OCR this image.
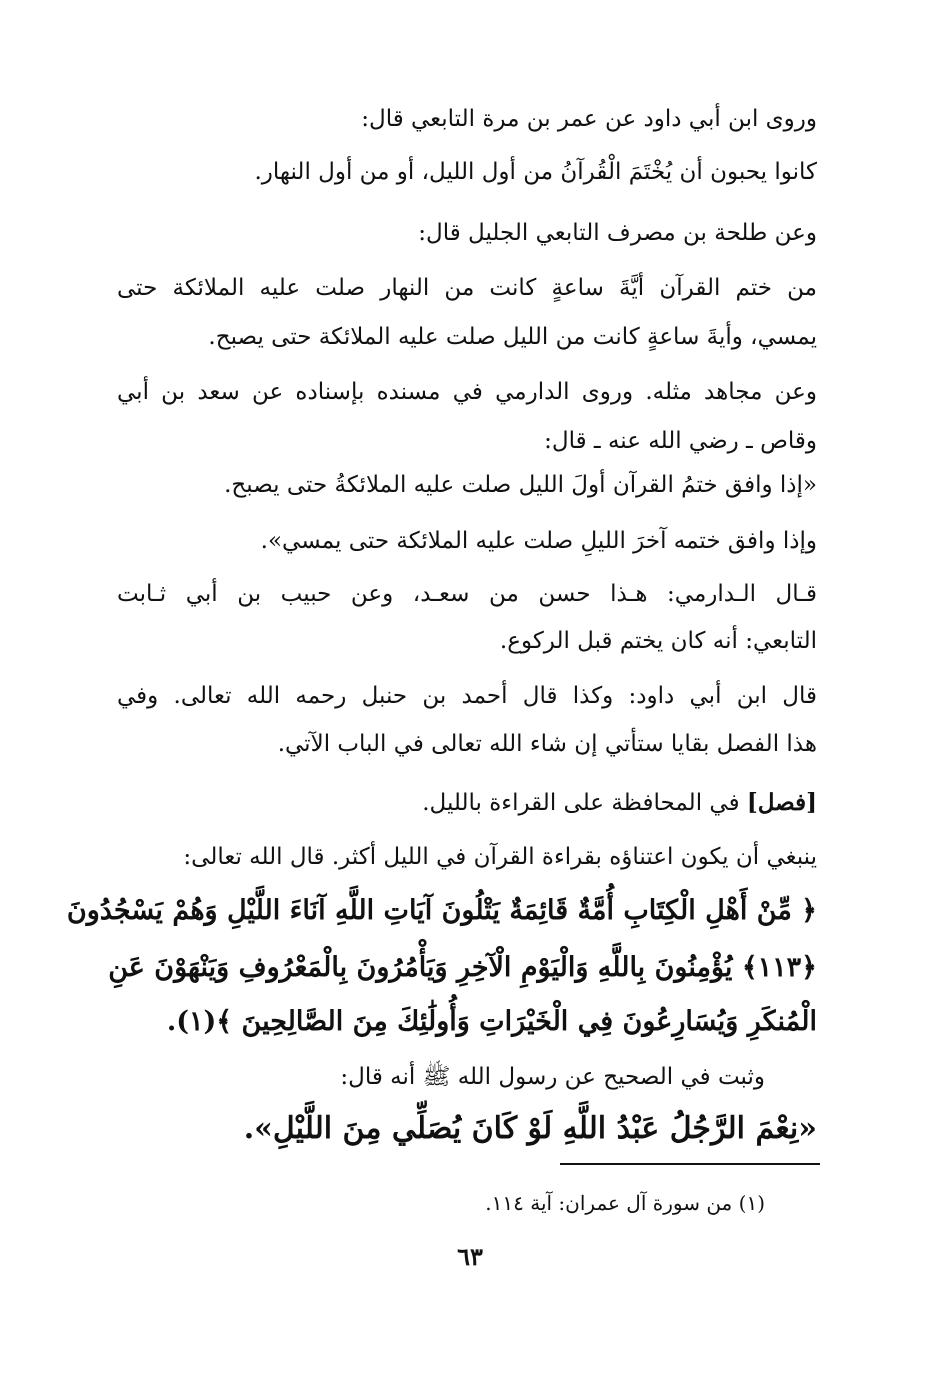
وروى ابن أبي داود عن عمر بن مرة التابعي قال:
كانوا يحبون أن يُخْتَمَ الْقُرآنُ من أول الليل، أو من أول النهار.
وعن طلحة بن مصرف التابعي الجليل قال:
من ختم القرآن أيَّةَ ساعةٍ كانت من النهار صلت عليه الملائكة حتى
يمسي، وأيةَ ساعةٍ كانت من الليل صلت عليه الملائكة حتى يصبح.
وعن مجاهد مثله. وروى الدارمي في مسنده بإسناده عن سعد بن أبي
وقاص ـ رضي الله عنه ـ قال:
«إذا وافق ختمُ القرآن أولَ الليل صلت عليه الملائكةُ حتى يصبح.
وإذا وافق ختمه آخرَ الليلِ صلت عليه الملائكة حتى يمسي».
قـال الـدارمي: هـذا حسن من سعـد، وعن حبيب بن أبي ثـابت
التابعي: أنه كان يختم قبل الركوع.
قال ابن أبي داود: وكذا قال أحمد بن حنبل رحمه الله تعالى. وفي
هذا الفصل بقايا ستأتي إن شاء الله تعالى في الباب الآتي.
[فصل] في المحافظة على القراءة بالليل.
ينبغي أن يكون اعتناؤه بقراءة القرآن في الليل أكثر. قال الله تعالى:
﴿ مِّنْ أَهْلِ الْكِتَابِ أُمَّةٌ قَائِمَةٌ يَتْلُونَ آيَاتِ اللَّهِ آنَاءَ اللَّيْلِ وَهُمْ يَسْجُدُونَ
﴿١١٣﴾ يُؤْمِنُونَ بِاللَّهِ وَالْيَوْمِ الْآخِرِ وَيَأْمُرُونَ بِالْمَعْرُوفِ وَيَنْهَوْنَ عَنِ
الْمُنكَرِ وَيُسَارِعُونَ فِي الْخَيْرَاتِ وَأُولَٰئِكَ مِنَ الصَّالِحِينَ ﴾(١).
وثبت في الصحيح عن رسول الله ﷺ أنه قال:
«نِعْمَ الرَّجُلُ عَبْدُ اللَّهِ لَوْ كَانَ يُصَلِّي مِنَ اللَّيْلِ».
(١) من سورة آل عمران: آية ١١٤.
٦٣
